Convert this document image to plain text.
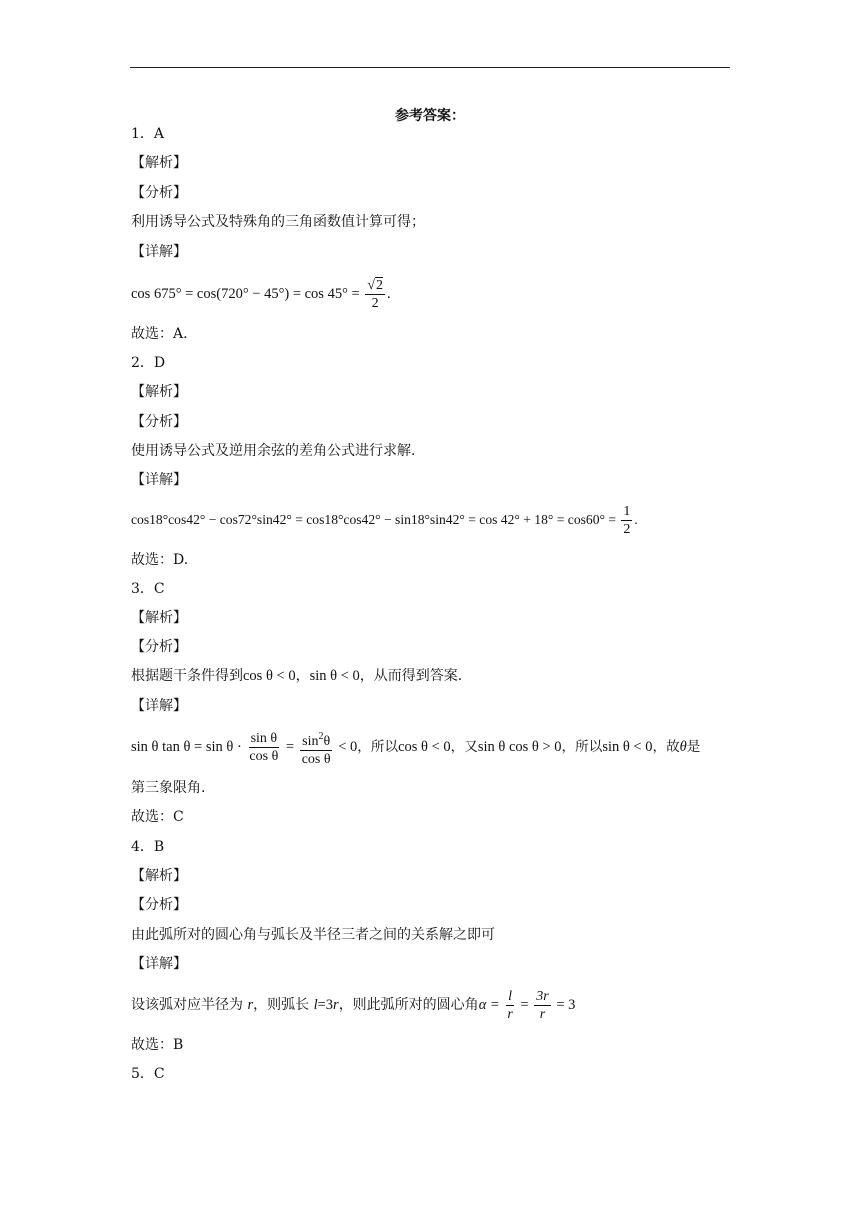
参考答案：
1．A
【解析】
【分析】
利用诱导公式及特殊角的三角函数值计算可得；
【详解】
$\cos 675^\circ = \cos(720^\circ - 45^\circ) = \cos 45^\circ = \frac{√2}{2}$ .
故选：A.
2．D
【解析】
【分析】
使用诱导公式及逆用余弦的差角公式进行求解.
【详解】
$\cos 18^\circ\cos 42^\circ - \cos 72^\circ\sin 42^\circ = \cos 18^\circ\cos 42^\circ - \sin 18^\circ\sin 42^\circ = \cos 42^\circ + 18^\circ = \cos 60^\circ = \frac{1}{2}$ .
故选：D.
3．C
【解析】
【分析】
根据题干条件得到cos θ < 0，sin θ < 0，从而得到答案.
【详解】
sin θ $\tan \theta = \sin \theta \cdot \frac{\text{sin θ}}{\text{cos θ}} = \frac{\sin^2\theta}{\text{cos θ}} < 0$，所以cos θ < 0，又sin θ cos θ > 0，所以sin θ < 0，故θ是
第三象限角.
故选：C
4．B
【解析】
【分析】
由此弧所对的圆心角与弧长及半径三者之间的关系解之即可
【详解】
设该弧对应半径为 r，则弧长 l=3r，则此弧所对的圆心角$\alpha = \frac{l}{r} = \frac{3r}{r} = 3$
故选：B
5．C
